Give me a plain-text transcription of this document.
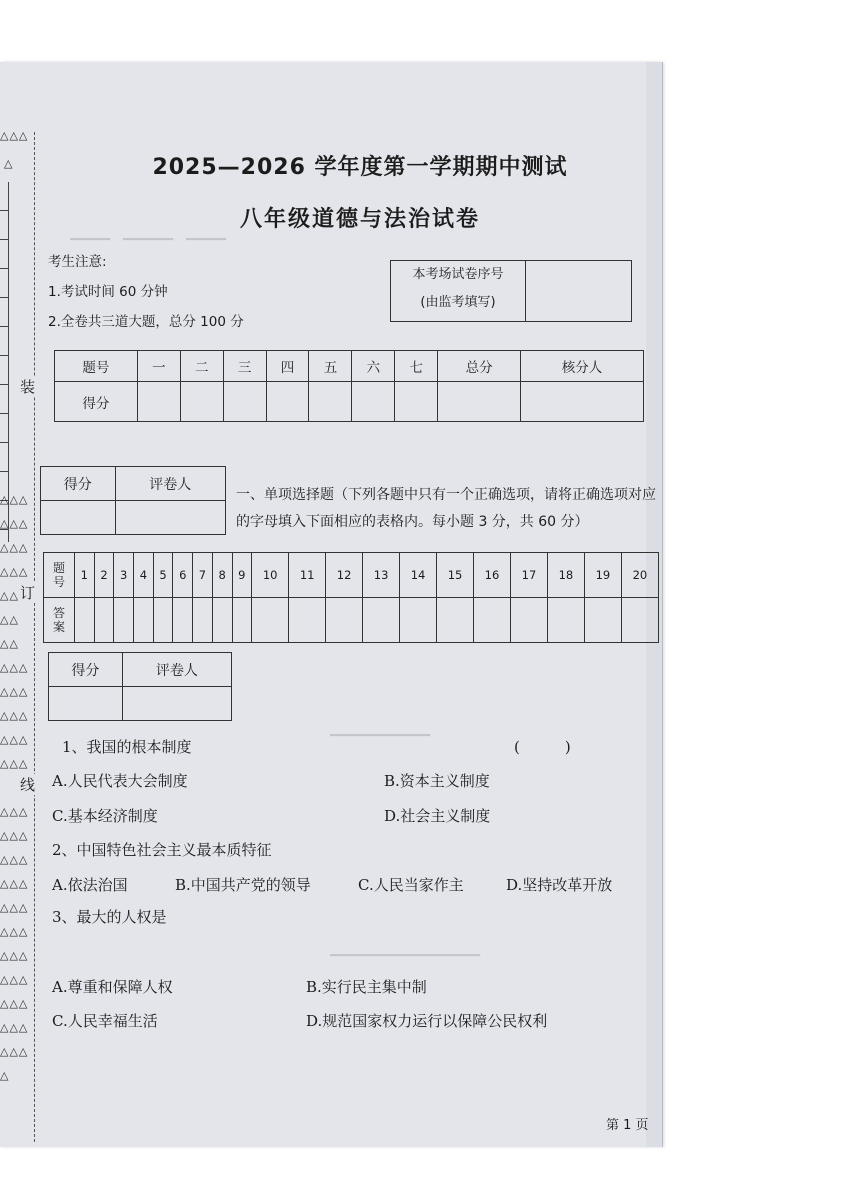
△△△
△
△△△
△△△
△△△
△△△
△△
△△
△△
△△△
△△△
△△△
△△△
△△△
△△△
△△△
△△△
△△△
△△△
△△△
△△△
△△△
△△△
△△△
△△△
△
装
订
线
▁▁▁▁　▁▁▁▁▁　▁▁▁▁
▁▁▁▁▁▁▁▁▁▁
▁▁▁▁▁▁▁▁▁▁▁▁▁▁▁
2025—2026 学年度第一学期期中测试
八年级道德与法治试卷
考生注意:
1.考试时间 60 分钟
2.全卷共三道大题，总分 100 分
本考场试卷序号
(由监考填写)
题号	一	二	三	四	五	六	七	总分	核分人
得分									
得分	评卷人

一、单项选择题（下列各题中只有一个正确选项，请将正确选项对应的字母填入下面相应的表格内。每小题 3 分，共 60 分）
题
号	1	2	3	4	5	6	7	8	9	10	11	12	13	14	15	16	17	18	19	20
答
案																				
得分	评卷人

1、我国的根本制度	(　　　)
A.人民代表大会制度	B.资本主义制度
C.基本经济制度	D.社会主义制度
2、中国特色社会主义最本质特征
A.依法治国	B.中国共产党的领导	C.人民当家作主	D.坚持改革开放
3、最大的人权是
A.尊重和保障人权	B.实行民主集中制
C.人民幸福生活	D.规范国家权力运行以保障公民权利
第 1 页
